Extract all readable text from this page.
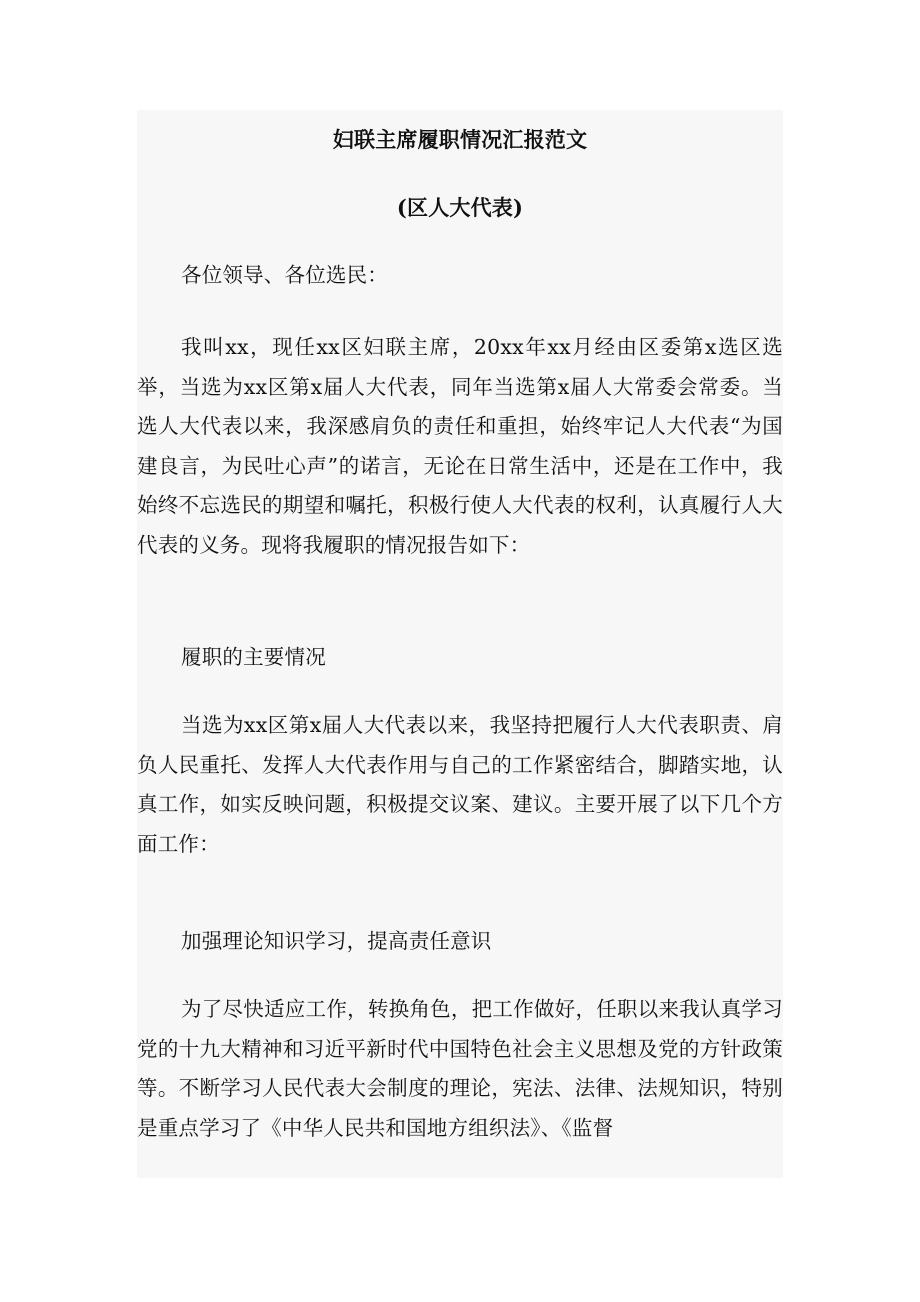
妇联主席履职情况汇报范文
(区人大代表)
各位领导、各位选民：

我叫xx，现任xx区妇联主席，20xx年xx月经由区委第x选区选举，当选为xx区第x届人大代表，同年当选第x届人大常委会常委。当选人大代表以来，我深感肩负的责任和重担，始终牢记人大代表“为国建良言，为民吐心声”的诺言，无论在日常生活中，还是在工作中，我始终不忘选民的期望和嘱托，积极行使人大代表的权利，认真履行人大代表的义务。现将我履职的情况报告如下：

履职的主要情况

当选为xx区第x届人大代表以来，我坚持把履行人大代表职责、肩负人民重托、发挥人大代表作用与自己的工作紧密结合，脚踏实地，认真工作，如实反映问题，积极提交议案、建议。主要开展了以下几个方面工作：

加强理论知识学习，提高责任意识

为了尽快适应工作，转换角色，把工作做好，任职以来我认真学习党的十九大精神和习近平新时代中国特色社会主义思想及党的方针政策等。不断学习人民代表大会制度的理论，宪法、法律、法规知识，特别是重点学习了《中华人民共和国地方组织法》、《监督
